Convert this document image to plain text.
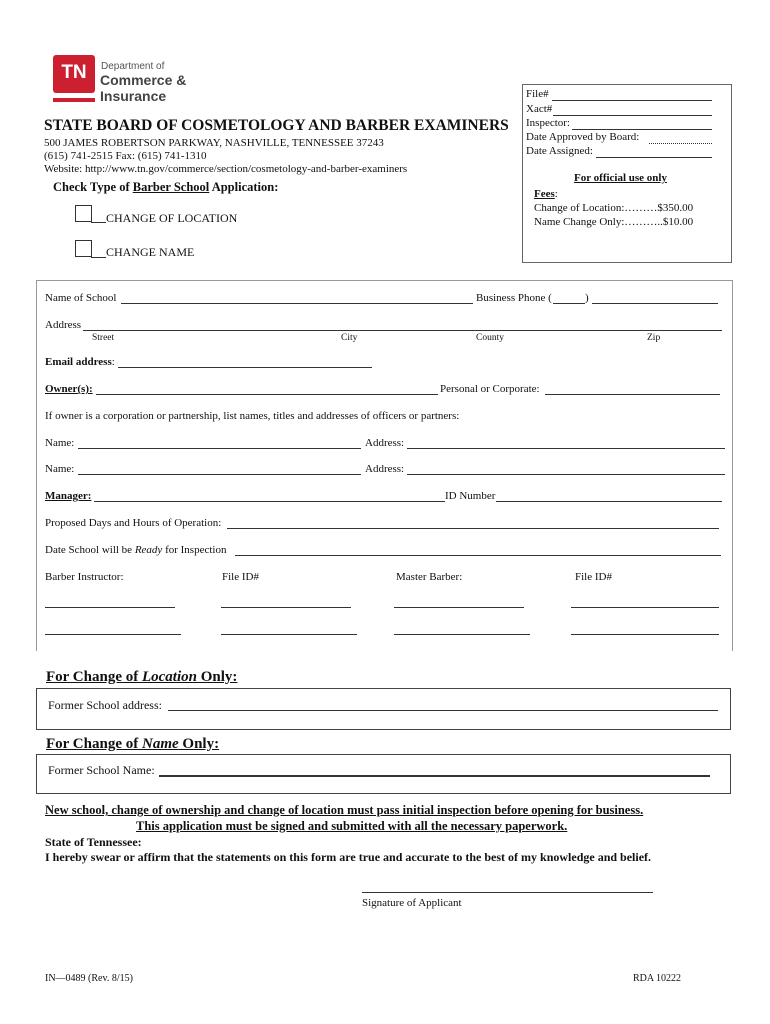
TN	Department of
Commerce &
Insurance
STATE BOARD OF COSMETOLOGY AND BARBER EXAMINERS
500 JAMES ROBERTSON PARKWAY, NASHVILLE, TENNESSEE 37243
(615) 741-2515 Fax: (615) 741-1310
Website: http://www.tn.gov/commerce/section/cosmetology-and-barber-examiners
File#
Xact#
Inspector:
Date Approved by Board:
Date Assigned:
For official use only
Fees:
Change of Location:………$350.00
Name Change Only:………..$10.00
Check Type of Barber School Application:
CHANGE OF LOCATION
CHANGE NAME
Name of School	Business Phone (	)
Address
Street	City	County	Zip
Email address:
Owner(s):	Personal or Corporate:
If owner is a corporation or partnership, list names, titles and addresses of officers or partners:
Name:	Address:
Name:	Address:
Manager:	ID Number
Proposed Days and Hours of Operation:
Date School will be Ready for Inspection
Barber Instructor:	File ID#	Master Barber:	File ID#
For Change of Location Only:
Former School address:
For Change of Name Only:
Former School Name:
New school, change of ownership and change of location must pass initial inspection before opening for business.
This application must be signed and submitted with all the necessary paperwork.
State of Tennessee:
I hereby swear or affirm that the statements on this form are true and accurate to the best of my knowledge and belief.
Signature of Applicant
IN—0489 (Rev. 8/15)	RDA 10222
